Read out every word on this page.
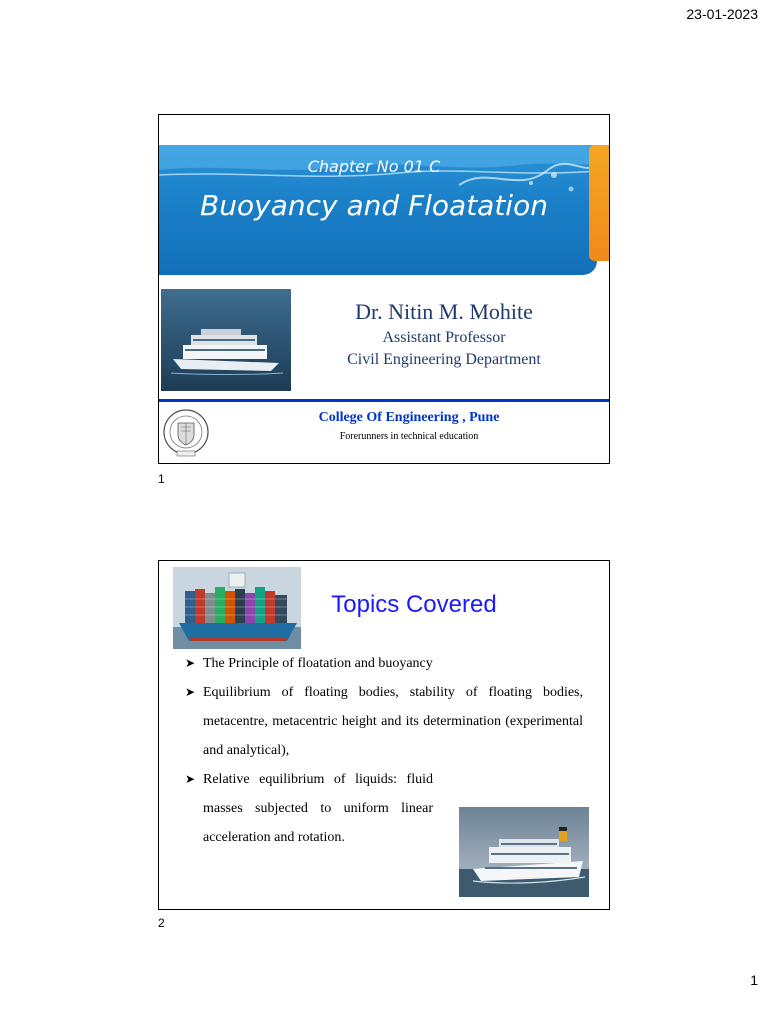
23-01-2023
Chapter No 01 C
Buoyancy and Floatation
Dr. Nitin M. Mohite
Assistant Professor
Civil Engineering Department
College Of Engineering , Pune
Forerunners in technical education
1
Topics Covered
➤ The Principle of floatation and buoyancy
➤ Equilibrium of floating bodies, stability of floating bodies, metacentre, metacentric height and its determination (experimental and analytical),
➤ Relative equilibrium of liquids: fluid masses subjected to uniform linear acceleration and rotation.
2
1
